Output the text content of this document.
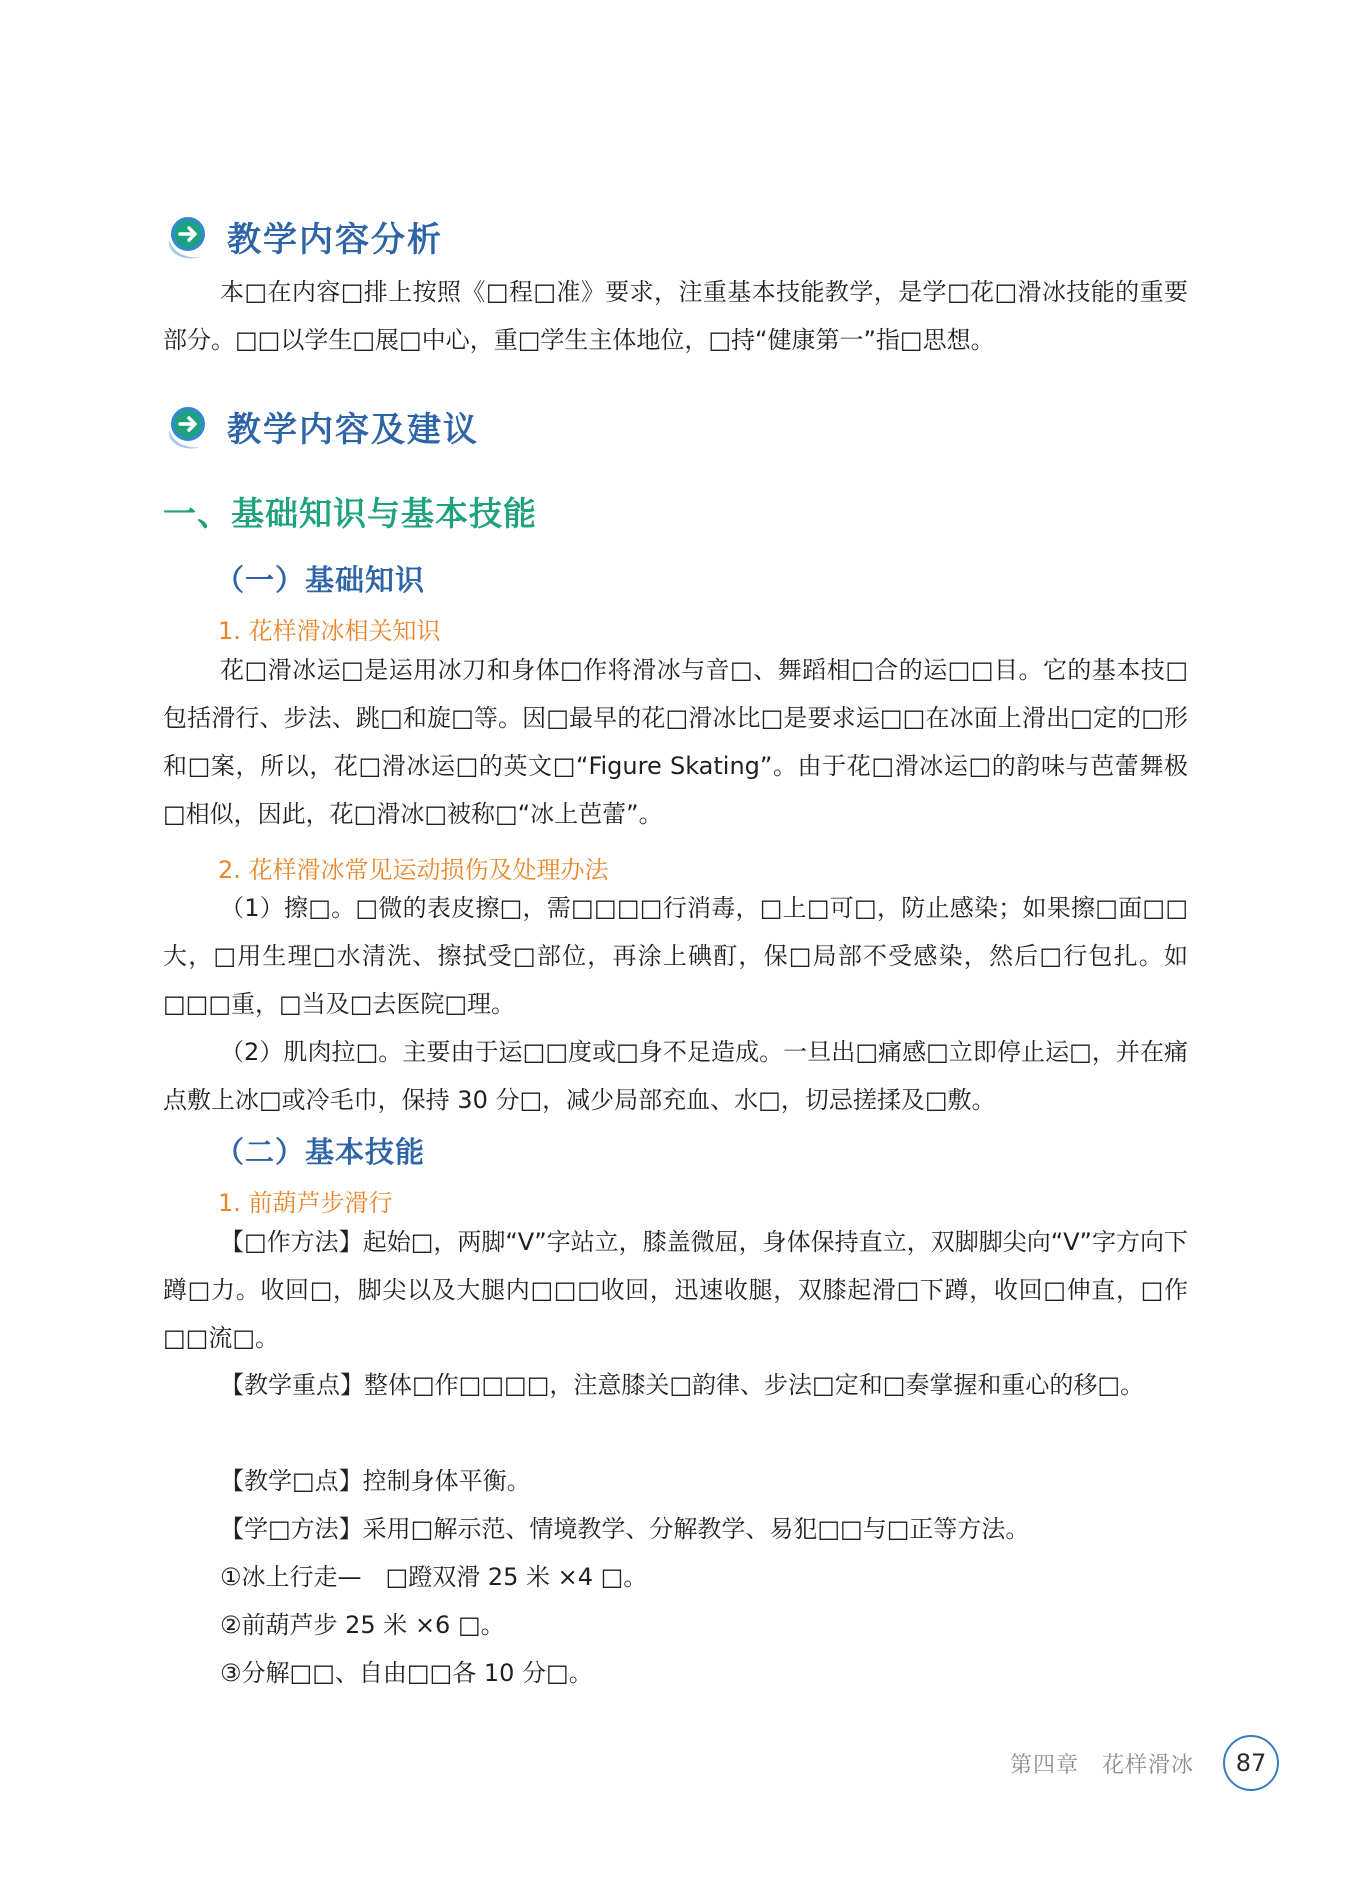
教学内容分析

本□在内容□排上按照《□程□准》要求，注重基本技能教学，是学□花□滑冰技能的重要部分。□□以学生□展□中心，重□学生主体地位，□持“健康第一”指□思想。

教学内容及建议
一、基础知识与基本技能
（一）基础知识
1. 花样滑冰相关知识

花□滑冰运□是运用冰刀和身体□作将滑冰与音□、舞蹈相□合的运□□目。它的基本技□包括滑行、步法、跳□和旋□等。因□最早的花□滑冰比□是要求运□□在冰面上滑出□定的□形和□案，所以，花□滑冰运□的英文□“Figure Skating”。由于花□滑冰运□的韵味与芭蕾舞极□相似，因此，花□滑冰□被称□“冰上芭蕾”。

2. 花样滑冰常见运动损伤及处理办法

（1）擦□。□微的表皮擦□，需□□□□行消毒，□上□可□，防止感染；如果擦□面□□大，□用生理□水清洗、擦拭受□部位，再涂上碘酊，保□局部不受感染，然后□行包扎。如□□□重，□当及□去医院□理。

（2）肌肉拉□。主要由于运□□度或□身不足造成。一旦出□痛感□立即停止运□，并在痛点敷上冰□或冷毛巾，保持 30 分□，减少局部充血、水□，切忌搓揉及□敷。

（二）基本技能
1. 前葫芦步滑行

【□作方法】起始□，两脚“V”字站立，膝盖微屈，身体保持直立，双脚脚尖向“V”字方向下蹲□力。收回□，脚尖以及大腿内□□□收回，迅速收腿，双膝起滑□下蹲，收回□伸直，□作□□流□。

【教学重点】整体□作□□□□，注意膝关□韵律、步法□定和□奏掌握和重心的移□。

【教学□点】控制身体平衡。

【学□方法】采用□解示范、情境教学、分解教学、易犯□□与□正等方法。

①冰上行走—　□蹬双滑 25 米 ×4 □。
②前葫芦步 25 米 ×6 □。
③分解□□、自由□□各 10 分□。
第四章　花样滑冰	87
